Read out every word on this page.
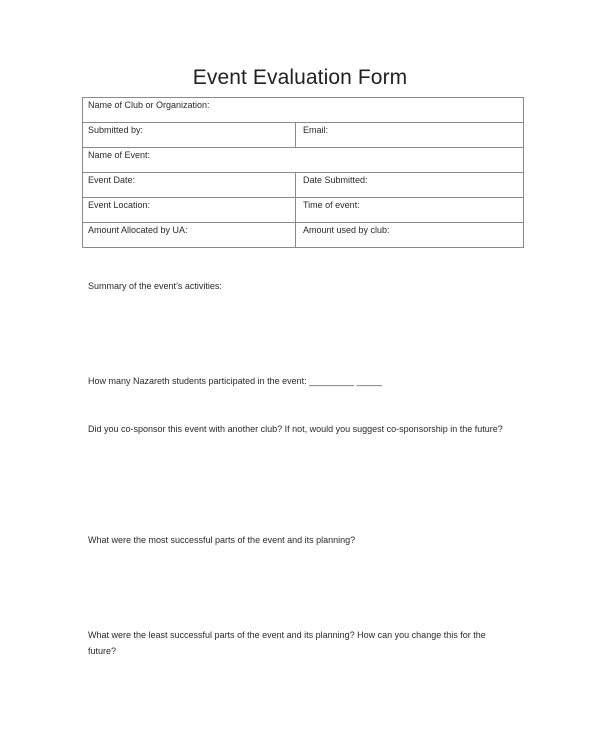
Event Evaluation Form
Name of Club or Organization:	
Submitted by:	Email:
Name of Event:	
Event Date:	Date Submitted:
Event Location:	Time of event:
Amount Allocated by UA:	Amount used by club:
Summary of the event’s activities:
How many Nazareth students participated in the event: _________ _____
Did you co-sponsor this event with another club? If not, would you suggest co-sponsorship in the future?
What were the most successful parts of the event and its planning?
What were the least successful parts of the event and its planning? How can you change this for the future?
